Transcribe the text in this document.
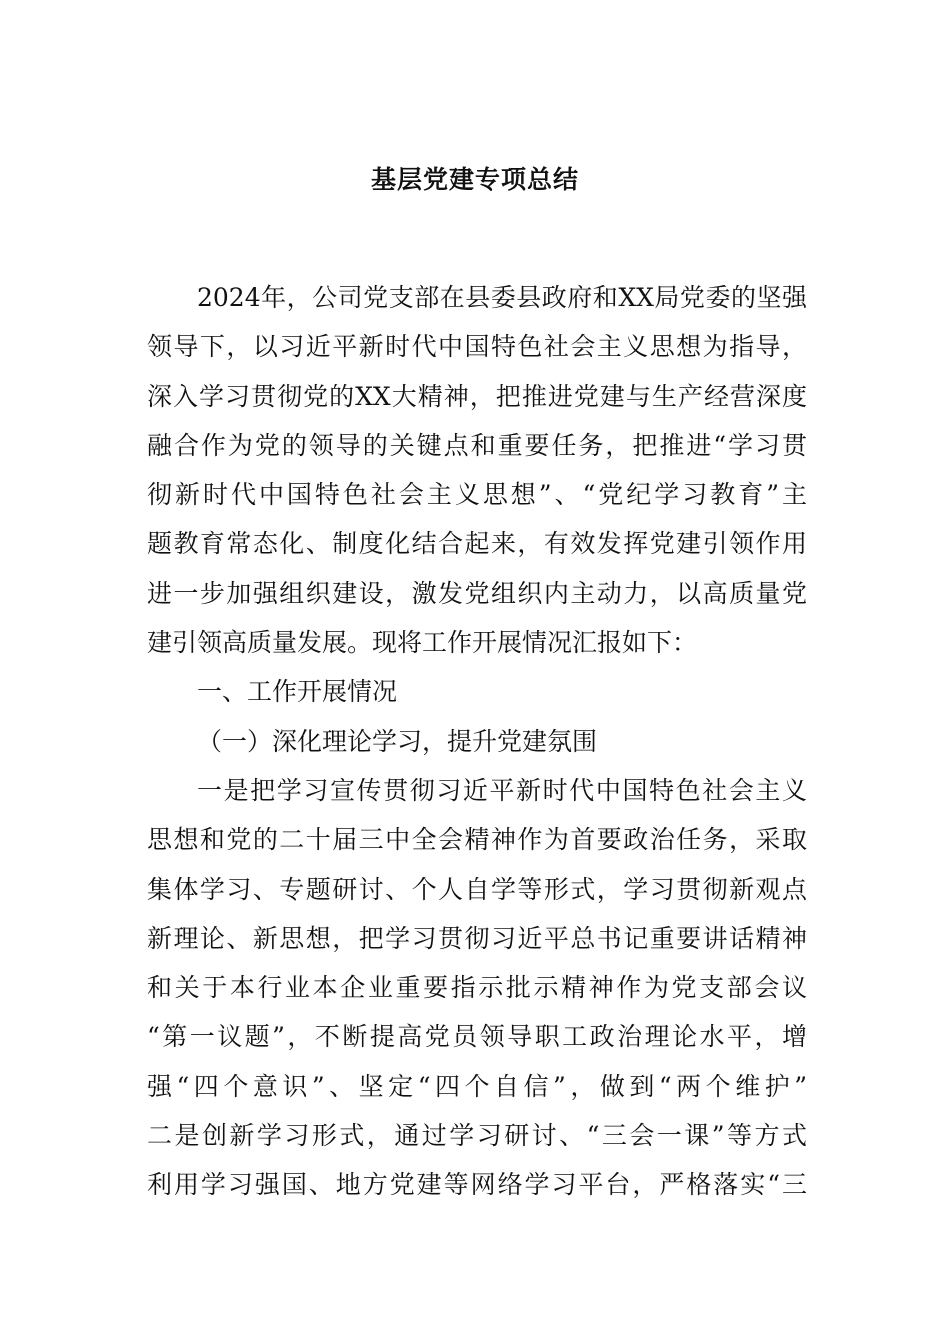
基层党建专项总结
2024年，公司党支部在县委县政府和XX局党委的坚强
领导下，以习近平新时代中国特色社会主义思想为指导，
深入学习贯彻党的XX大精神，把推进党建与生产经营深度
融合作为党的领导的关键点和重要任务，把推进“学习贯
彻新时代中国特色社会主义思想”、“党纪学习教育”主
题教育常态化、制度化结合起来，有效发挥党建引领作用
进一步加强组织建设，激发党组织内主动力，以高质量党
建引领高质量发展。现将工作开展情况汇报如下：
一、工作开展情况
（一）深化理论学习，提升党建氛围
一是把学习宣传贯彻习近平新时代中国特色社会主义
思想和党的二十届三中全会精神作为首要政治任务，采取
集体学习、专题研讨、个人自学等形式，学习贯彻新观点
新理论、新思想，把学习贯彻习近平总书记重要讲话精神
和关于本行业本企业重要指示批示精神作为党支部会议
“第一议题”，不断提高党员领导职工政治理论水平，增
强“四个意识”、坚定“四个自信”，做到“两个维护”
二是创新学习形式，通过学习研讨、“三会一课”等方式
利用学习强国、地方党建等网络学习平台，严格落实“三
